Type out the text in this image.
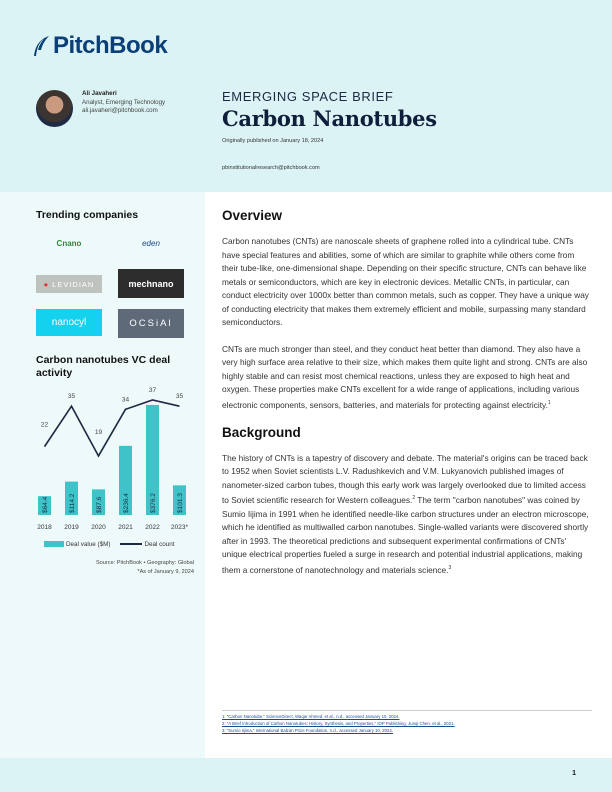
PitchBook
Ali Javaheri
Analyst, Emerging Technology
ali.javaheri@pitchbook.com
EMERGING SPACE BRIEF
Carbon Nanotubes
Originally published on January 18, 2024
pbinstitutionalresearch@pitchbook.com
Trending companies
Cnano	eden
● LEVIDIAN	mechnano
nanocyl	OCSiAl
Carbon nanotubes VC deal activity
$64.4
2018
22
$114.2
2019
35
$87.6
2020
19
$236.4
2021
34
$376.2
2022
37
$101.3
2023*
35
Deal value ($M)	Deal count
Source: PitchBook • Geography: Global
*As of January 9, 2024
Overview

Carbon nanotubes (CNTs) are nanoscale sheets of graphene rolled into a cylindrical tube. CNTs have special features and abilities, some of which are similar to graphite while others come from their tube-like, one-dimensional shape. Depending on their specific structure, CNTs can behave like metals or semiconductors, which are key in electronic devices. Metallic CNTs, in particular, can conduct electricity over 1000x better than common metals, such as copper. They have a unique way of conducting electricity that makes them extremely efficient and mobile, surpassing many standard semiconductors.

CNTs are much stronger than steel, and they conduct heat better than diamond. They also have a very high surface area relative to their size, which makes them quite light and strong. CNTs are also highly stable and can resist most chemical reactions, unless they are exposed to high heat and oxygen. These properties make CNTs excellent for a wide range of applications, including various electronic components, sensors, batteries, and materials for protecting against electricity.$^1$

Background

The history of CNTs is a tapestry of discovery and debate. The material's origins can be traced back to 1952 when Soviet scientists L.V. Radushkevich and V.M. Lukyanovich published images of nanometer-sized carbon tubes, though this early work was largely overlooked due to limited access to Soviet scientific research for Western colleagues.$^2$ The term "carbon nanotubes" was coined by Sumio Iijima in 1991 when he identified needle-like carbon structures under an electron microscope, which he identified as multiwalled carbon nanotubes. Single-walled variants were discovered shortly after in 1993. The theoretical predictions and subsequent experimental confirmations of CNTs' unique electrical properties fueled a surge in research and potential industrial applications, making them a cornerstone of nanotechnology and materials science.$^3$

1: "Carbon Nanotube," ScienceDirect, Waqar Ahmed, et al., n.d., accessed January 10, 2024.
2: "A Brief Introduction of Carbon Nanotubes: History, Synthesis, and Properties," IOP Publishing, Junqi Chen, et al., 2021.
3: "Sumio Iijima," International Balzan Prize Foundation, n.d., accessed January 10, 2024.
1
